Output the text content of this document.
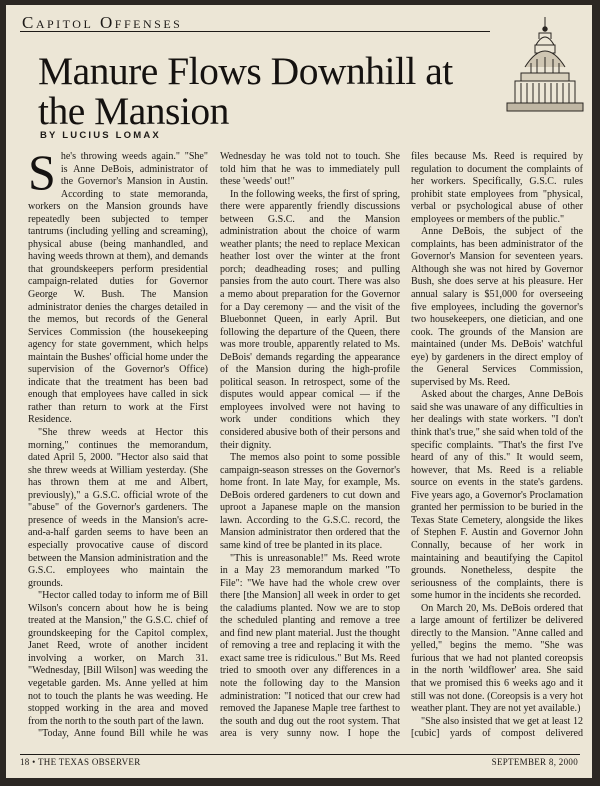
Capitol Offenses
Manure Flows Downhill at the Mansion
BY LUCIUS LOMAX

She's throwing weeds again." "She" is Anne DeBois, administrator of the Governor's Mansion in Austin. According to state memoranda, workers on the Mansion grounds have repeatedly been subjected to temper tantrums (including yelling and screaming), physical abuse (being manhandled, and having weeds thrown at them), and demands that groundskeepers perform presidential campaign-related duties for Governor George W. Bush. The Mansion administrator denies the charges detailed in the memos, but records of the General Services Commission (the housekeeping agency for state government, which helps maintain the Bushes' official home under the supervision of the Governor's Office) indicate that the treatment has been bad enough that employees have called in sick rather than return to work at the First Residence.

"She threw weeds at Hector this morning," continues the memorandum, dated April 5, 2000. "Hector also said that she threw weeds at William yesterday. (She has thrown them at me and Albert, previously)," a G.S.C. official wrote of the "abuse" of the Governor's gardeners. The presence of weeds in the Mansion's acre-and-a-half garden seems to have been an especially provocative cause of discord between the Mansion administration and the G.S.C. employees who maintain the grounds.

"Hector called today to inform me of Bill Wilson's concern about how he is being treated at the Mansion," the G.S.C. chief of groundskeeping for the Capitol complex, Janet Reed, wrote of another incident involving a worker, on March 31. "Wednesday, [Bill Wilson] was weeding the vegetable garden. Ms. Anne yelled at him not to touch the plants he was weeding. He stopped working in the area and moved from the north to the south part of the lawn.

"Today, Anne found Bill while he was

Wednesday he was told not to touch. She told him that he was to immediately pull these 'weeds' out!"

In the following weeks, the first of spring, there were apparently friendly discussions between G.S.C. and the Mansion administration about the choice of warm weather plants; the need to replace Mexican heather lost over the winter at the front porch; deadheading roses; and pulling pansies from the auto court. There was also a memo about preparation for the Governor for a Day ceremony — and the visit of the Bluebonnet Queen, in early April. But following the departure of the Queen, there was more trouble, apparently related to Ms. DeBois' demands regarding the appearance of the Mansion during the high-profile political season. In retrospect, some of the disputes would appear comical — if the employees involved were not having to work under conditions which they considered abusive both of their persons and their dignity.

The memos also point to some possible campaign-season stresses on the Governor's home front. In late May, for example, Ms. DeBois ordered gardeners to cut down and uproot a Japanese maple on the mansion lawn. According to the G.S.C. record, the Mansion administrator then ordered that the same kind of tree be planted in its place.

"This is unreasonable!" Ms. Reed wrote in a May 23 memorandum marked "To File": "We have had the whole crew over there [the Mansion] all week in order to get the caladiums planted. Now we are to stop the scheduled planting and remove a tree and find new plant material. Just the thought of removing a tree and replacing it with the exact same tree is ridiculous." But Ms. Reed tried to smooth over any differences in a note the following day to the Mansion administration: "I noticed that our crew had removed the Japanese Maple tree farthest to the south and dug out the root system. That area is very sunny now. I hope the

files because Ms. Reed is required by regulation to document the complaints of her workers. Specifically, G.S.C. rules prohibit state employees from "physical, verbal or psychological abuse of other employees or members of the public."

Anne DeBois, the subject of the complaints, has been administrator of the Governor's Mansion for seventeen years. Although she was not hired by Governor Bush, she does serve at his pleasure. Her annual salary is $51,000 for overseeing five employees, including the governor's two housekeepers, one dietician, and one cook. The grounds of the Mansion are maintained (under Ms. DeBois' watchful eye) by gardeners in the direct employ of the General Services Commission, supervised by Ms. Reed.

Asked about the charges, Anne DeBois said she was unaware of any difficulties in her dealings with state workers. "I don't think that's true," she said when told of the specific complaints. "That's the first I've heard of any of this." It would seem, however, that Ms. Reed is a reliable source on events in the state's gardens. Five years ago, a Governor's Proclamation granted her permission to be buried in the Texas State Cemetery, alongside the likes of Stephen F. Austin and Governor John Connally, because of her work in maintaining and beautifying the Capitol grounds. Nonetheless, despite the seriousness of the complaints, there is some humor in the incidents she recorded.

On March 20, Ms. DeBois ordered that a large amount of fertilizer be delivered directly to the Mansion. "Anne called and yelled," begins the memo. "She was furious that we had not planted coreopsis in the north 'wildflower' area. She said that we promised this 6 weeks ago and it still was not done. (Coreopsis is a very hot weather plant. They are not yet available.)

"She also insisted that we get at least 12 [cubic] yards of compost delivered

18 • THE TEXAS OBSERVER	SEPTEMBER 8, 2000
